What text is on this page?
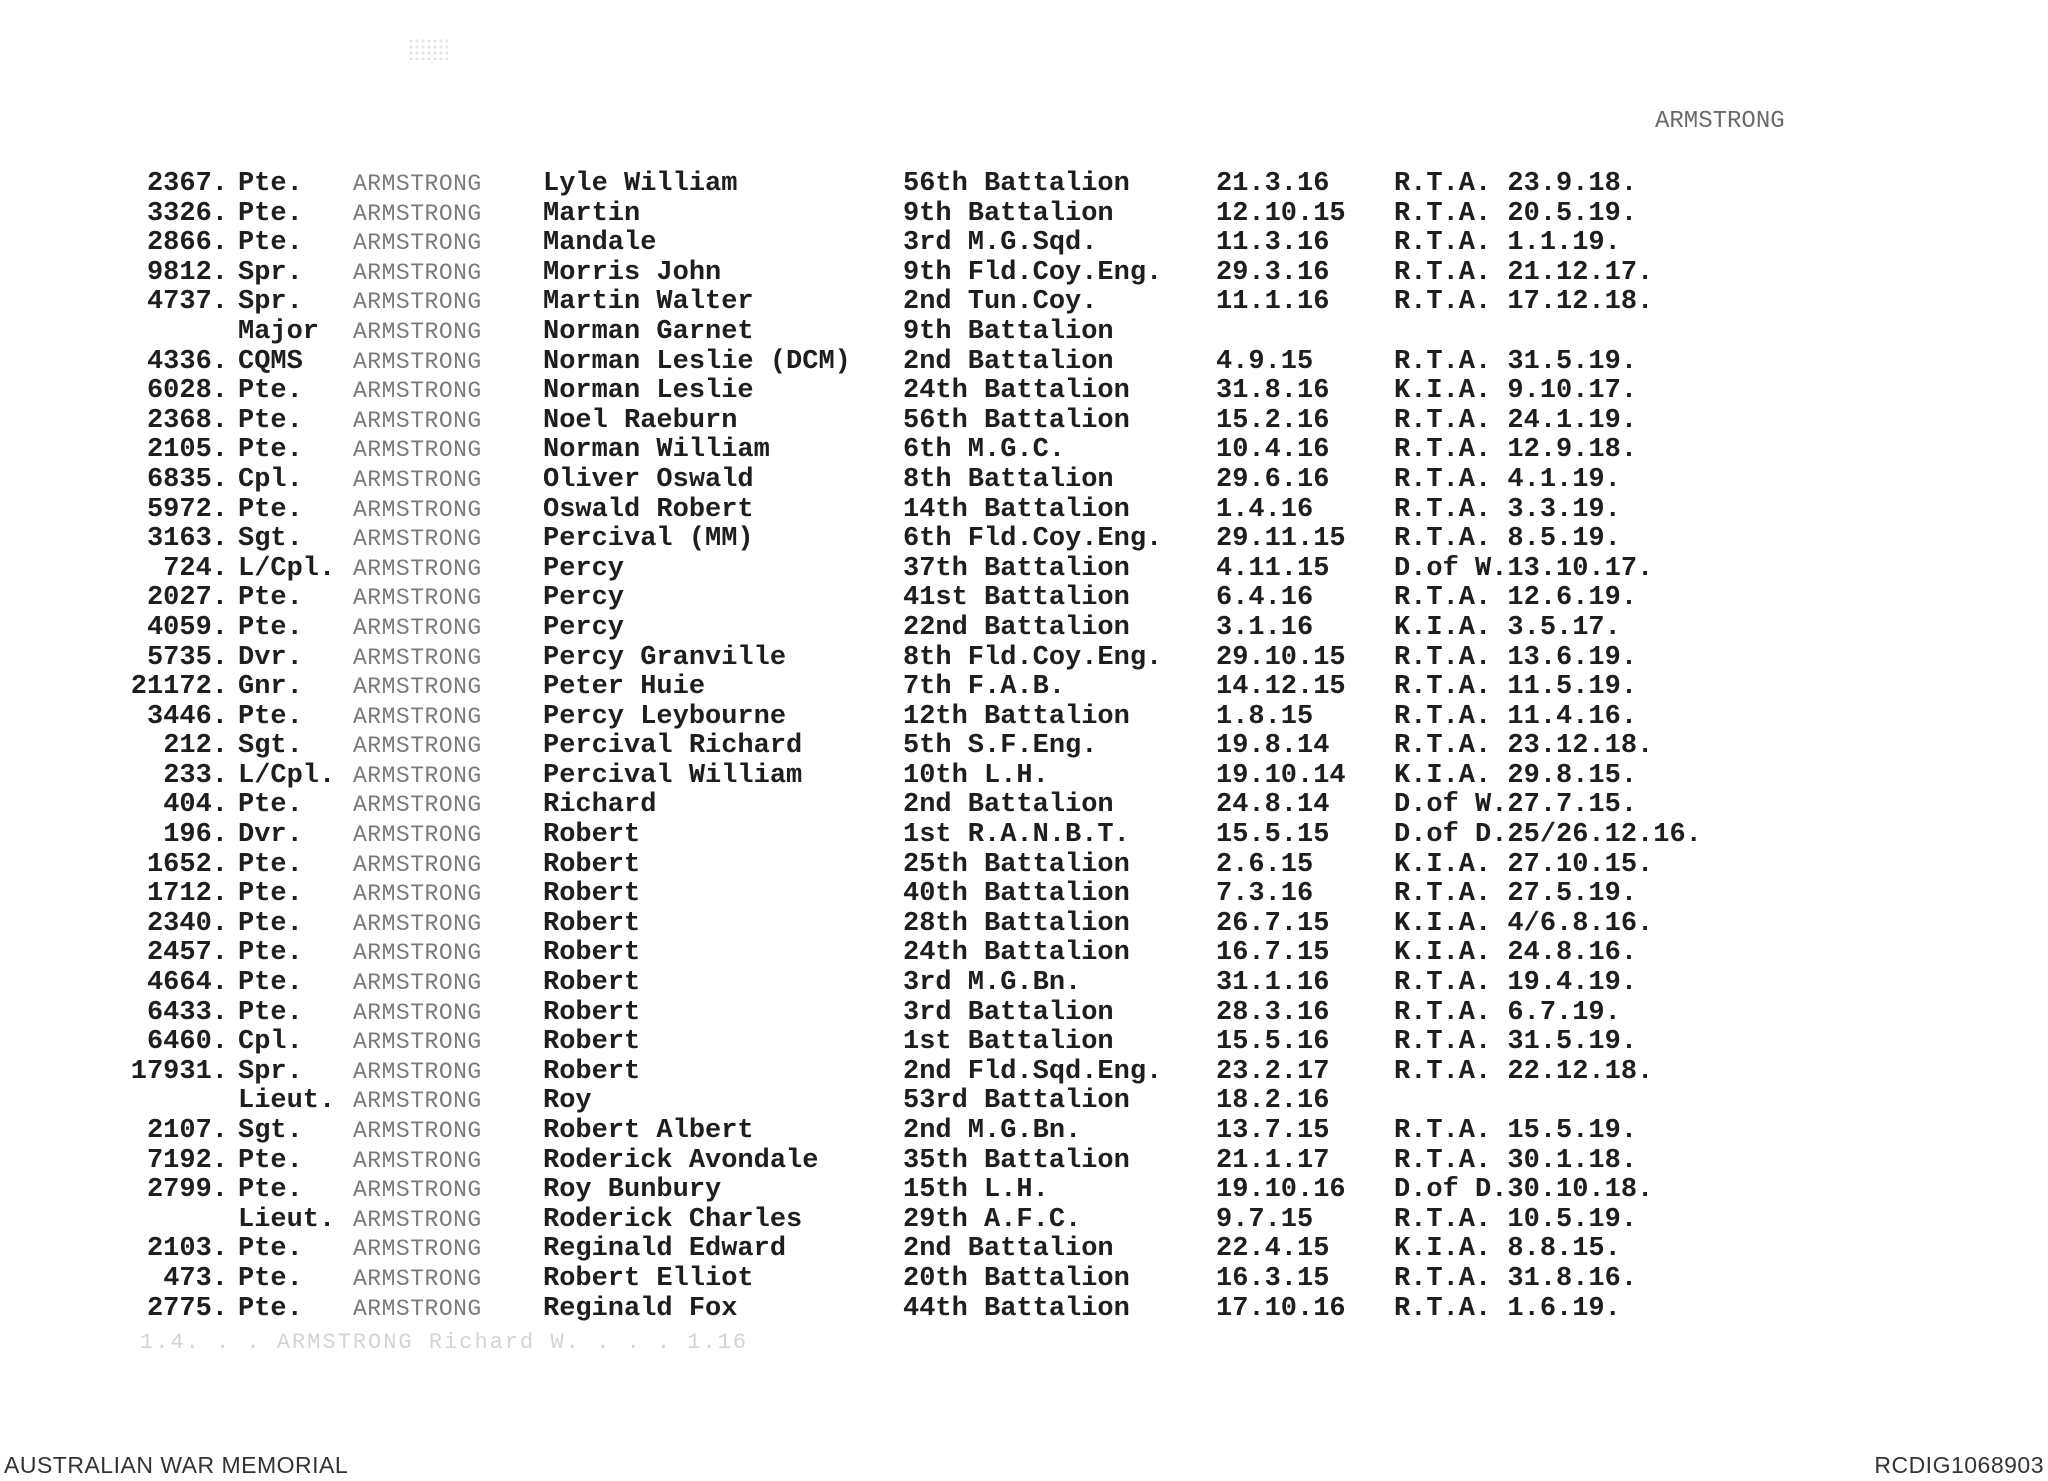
ARMSTRONG
2367. Pte.	ARMSTRONG	Lyle William	56th Battalion	21.3.16	R.T.A. 23.9.18.
3326. Pte.	ARMSTRONG	Martin	9th Battalion	12.10.15	R.T.A. 20.5.19.
2866. Pte.	ARMSTRONG	Mandale	3rd M.G.Sqd.	11.3.16	R.T.A. 1.1.19.
9812. Spr.	ARMSTRONG	Morris John	9th Fld.Coy.Eng.	29.3.16	R.T.A. 21.12.17.
4737. Spr.	ARMSTRONG	Martin Walter	2nd Tun.Coy.	11.1.16	R.T.A. 17.12.18.
Major	ARMSTRONG	Norman Garnet	9th Battalion
4336. CQMS	ARMSTRONG	Norman Leslie (DCM)	2nd Battalion	4.9.15	R.T.A. 31.5.19.
6028. Pte.	ARMSTRONG	Norman Leslie	24th Battalion	31.8.16	K.I.A. 9.10.17.
2368. Pte.	ARMSTRONG	Noel Raeburn	56th Battalion	15.2.16	R.T.A. 24.1.19.
2105. Pte.	ARMSTRONG	Norman William	6th M.G.C.	10.4.16	R.T.A. 12.9.18.
6835. Cpl.	ARMSTRONG	Oliver Oswald	8th Battalion	29.6.16	R.T.A. 4.1.19.
5972. Pte.	ARMSTRONG	Oswald Robert	14th Battalion	1.4.16	R.T.A. 3.3.19.
3163. Sgt.	ARMSTRONG	Percival (MM)	6th Fld.Coy.Eng.	29.11.15	R.T.A. 8.5.19.
724. L/Cpl. ARMSTRONG	Percy	37th Battalion	4.11.15	D.of W.13.10.17.
2027. Pte.	ARMSTRONG	Percy	41st Battalion	6.4.16	R.T.A. 12.6.19.
4059. Pte.	ARMSTRONG	Percy	22nd Battalion	3.1.16	K.I.A. 3.5.17.
5735. Dvr.	ARMSTRONG	Percy Granville	8th Fld.Coy.Eng.	29.10.15	R.T.A. 13.6.19.
21172. Gnr.	ARMSTRONG	Peter Huie	7th F.A.B.	14.12.15	R.T.A. 11.5.19.
3446. Pte.	ARMSTRONG	Percy Leybourne	12th Battalion	1.8.15	R.T.A. 11.4.16.
212. Sgt.	ARMSTRONG	Percival Richard	5th S.F.Eng.	19.8.14	R.T.A. 23.12.18.
233. L/Cpl. ARMSTRONG	Percival William	10th L.H.	19.10.14	K.I.A. 29.8.15.
404. Pte.	ARMSTRONG	Richard	2nd Battalion	24.8.14	D.of W.27.7.15.
196. Dvr.	ARMSTRONG	Robert	1st R.A.N.B.T.	15.5.15	D.of D.25/26.12.16.
1652. Pte.	ARMSTRONG	Robert	25th Battalion	2.6.15	K.I.A. 27.10.15.
1712. Pte.	ARMSTRONG	Robert	40th Battalion	7.3.16	R.T.A. 27.5.19.
2340. Pte.	ARMSTRONG	Robert	28th Battalion	26.7.15	K.I.A. 4/6.8.16.
2457. Pte.	ARMSTRONG	Robert	24th Battalion	16.7.15	K.I.A. 24.8.16.
4664. Pte.	ARMSTRONG	Robert	3rd M.G.Bn.	31.1.16	R.T.A. 19.4.19.
6433. Pte.	ARMSTRONG	Robert	3rd Battalion	28.3.16	R.T.A. 6.7.19.
6460. Cpl.	ARMSTRONG	Robert	1st Battalion	15.5.16	R.T.A. 31.5.19.
17931. Spr.	ARMSTRONG	Robert	2nd Fld.Sqd.Eng.	23.2.17	R.T.A. 22.12.18.
Lieut. ARMSTRONG	Roy	53rd Battalion	18.2.16
2107. Sgt.	ARMSTRONG	Robert Albert	2nd M.G.Bn.	13.7.15	R.T.A. 15.5.19.
7192. Pte.	ARMSTRONG	Roderick Avondale	35th Battalion	21.1.17	R.T.A. 30.1.18.
2799. Pte.	ARMSTRONG	Roy Bunbury	15th L.H.	19.10.16	D.of D.30.10.18.
Lieut. ARMSTRONG	Roderick Charles	29th A.F.C.	9.7.15	R.T.A. 10.5.19.
2103. Pte.	ARMSTRONG	Reginald Edward	2nd Battalion	22.4.15	K.I.A. 8.8.15.
473. Pte.	ARMSTRONG	Robert Elliot	20th Battalion	16.3.15	R.T.A. 31.8.16.
2775. Pte.	ARMSTRONG	Reginald Fox	44th Battalion	17.10.16	R.T.A. 1.6.19.
1.4. . . ARMSTRONG Richard W. . . . 1.16
AUSTRALIAN WAR MEMORIAL	RCDIG1068903
